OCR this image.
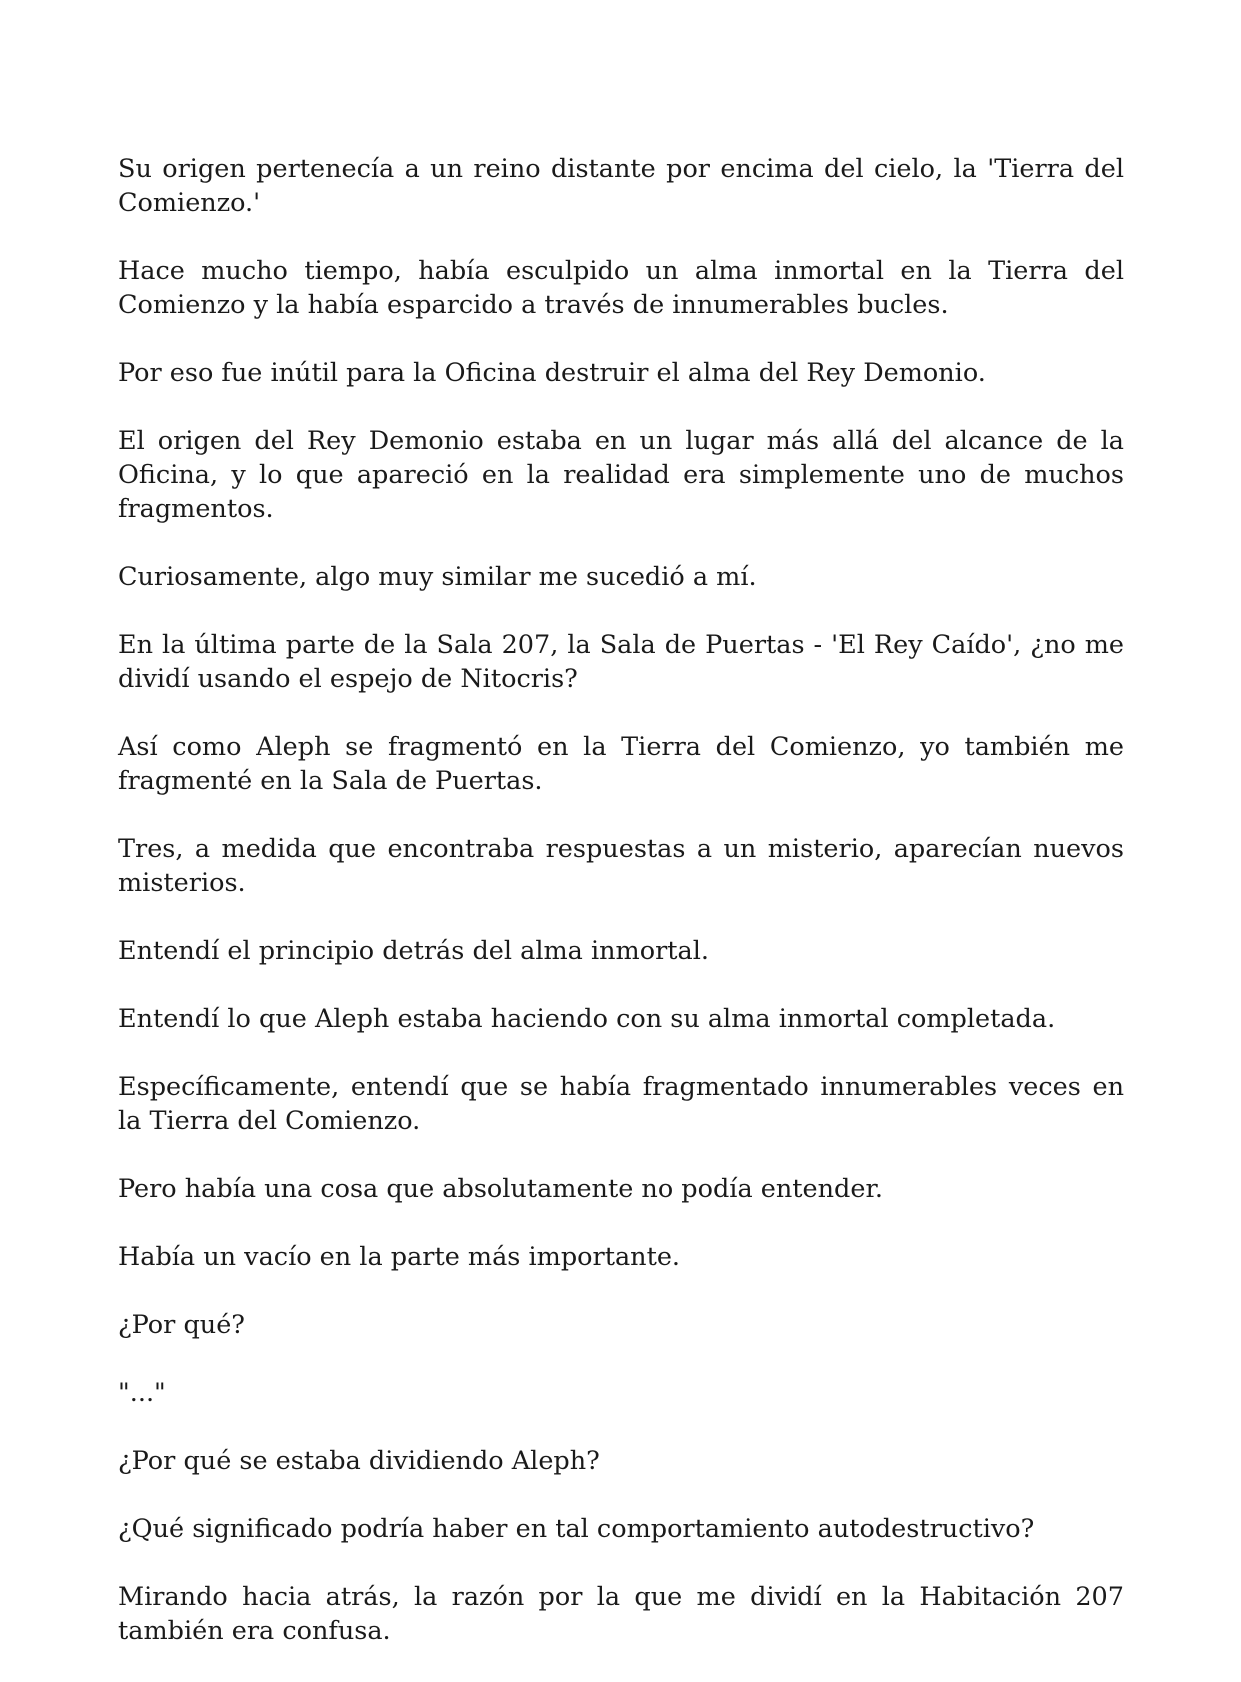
Su origen pertenecía a un reino distante por encima del cielo, la 'Tierra del Comienzo.'

Hace mucho tiempo, había esculpido un alma inmortal en la Tierra del Comienzo y la había esparcido a través de innumerables bucles.

Por eso fue inútil para la Oficina destruir el alma del Rey Demonio.

El origen del Rey Demonio estaba en un lugar más allá del alcance de la Oficina, y lo que apareció en la realidad era simplemente uno de muchos fragmentos.

Curiosamente, algo muy similar me sucedió a mí.

En la última parte de la Sala 207, la Sala de Puertas - 'El Rey Caído', ¿no me dividí usando el espejo de Nitocris?

Así como Aleph se fragmentó en la Tierra del Comienzo, yo también me fragmenté en la Sala de Puertas.

Tres, a medida que encontraba respuestas a un misterio, aparecían nuevos misterios.

Entendí el principio detrás del alma inmortal.

Entendí lo que Aleph estaba haciendo con su alma inmortal completada.

Específicamente, entendí que se había fragmentado innumerables veces en la Tierra del Comienzo.

Pero había una cosa que absolutamente no podía entender.

Había un vacío en la parte más importante.

¿Por qué?

"..."

¿Por qué se estaba dividiendo Aleph?

¿Qué significado podría haber en tal comportamiento autodestructivo?

Mirando hacia atrás, la razón por la que me dividí en la Habitación 207 también era confusa.
